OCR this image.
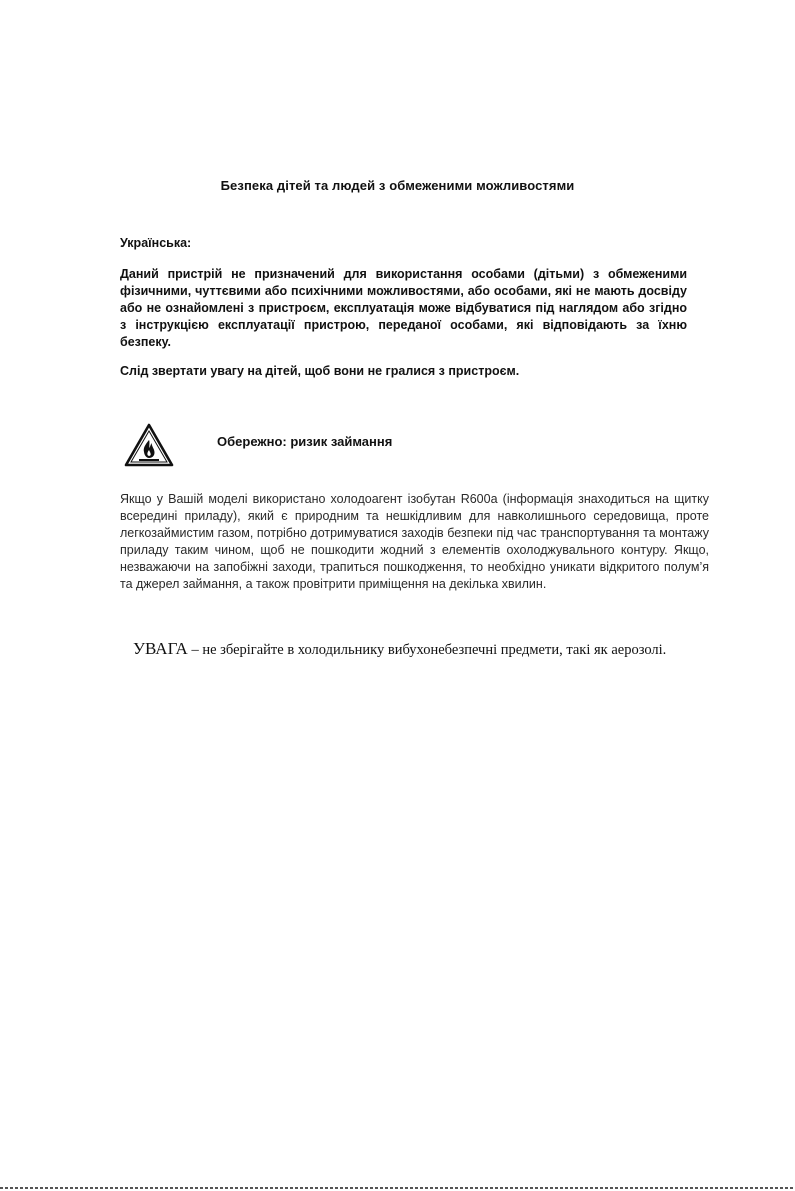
Безпека дітей та людей з обмеженими можливостями
Українська:
Даний пристрій не призначений для використання особами (дітьми) з обмеженими фізичними, чуттєвими або психічними можливостями, або особами, які не мають досвіду або не ознайомлені з пристроєм, експлуатація може відбуватися під наглядом або згідно з інструкцією експлуатації пристрою, переданої особами, які відповідають за їхню безпеку.
Слід звертати увагу на дітей, щоб вони не гралися з пристроєм.
Обережно: ризик займання
Якщо у Вашій моделі використано холодоагент ізобутан R600a (інформація знаходиться на щитку всередині приладу), який є природним та нешкідливим для навколишнього середовища, проте легкозаймистим газом, потрібно дотримуватися заходів безпеки під час транспортування та монтажу приладу таким чином, щоб не пошкодити жодний з елементів охолоджувального контуру. Якщо, незважаючи на запобіжні заходи, трапиться пошкодження, то необхідно уникати відкритого полум’я та джерел займання, а також провітрити приміщення на декілька хвилин.
УВАГА – не зберігайте в холодильнику вибухонебезпечні предмети, такі як аерозолі.
